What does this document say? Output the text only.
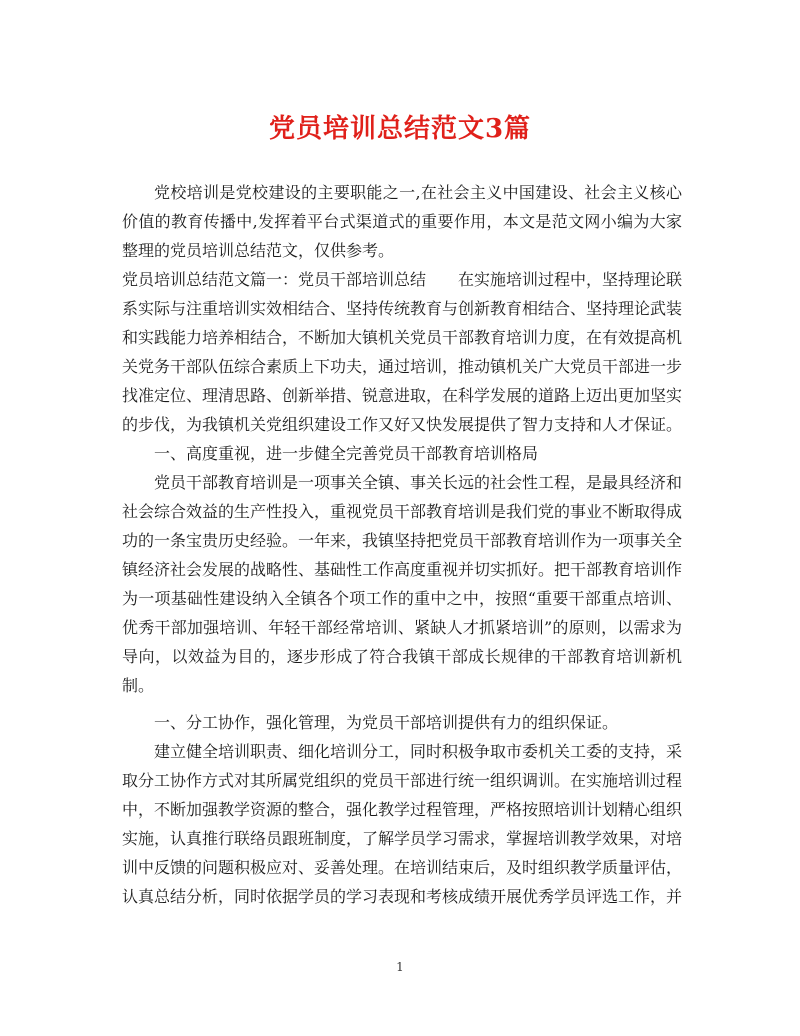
党员培训总结范文3篇

党校培训是党校建设的主要职能之一,在社会主义中国建设、社会主义核心价值的教育传播中,发挥着平台式渠道式的重要作用，本文是范文网小编为大家整理的党员培训总结范文，仅供参考。

党员培训总结范文篇一：党员干部培训总结　　在实施培训过程中，坚持理论联系实际与注重培训实效相结合、坚持传统教育与创新教育相结合、坚持理论武装和实践能力培养相结合，不断加大镇机关党员干部教育培训力度，在有效提高机关党务干部队伍综合素质上下功夫，通过培训，推动镇机关广大党员干部进一步找准定位、理清思路、创新举措、锐意进取，在科学发展的道路上迈出更加坚实的步伐，为我镇机关党组织建设工作又好又快发展提供了智力支持和人才保证。

一、高度重视，进一步健全完善党员干部教育培训格局

党员干部教育培训是一项事关全镇、事关长远的社会性工程，是最具经济和社会综合效益的生产性投入，重视党员干部教育培训是我们党的事业不断取得成功的一条宝贵历史经验。一年来，我镇坚持把党员干部教育培训作为一项事关全镇经济社会发展的战略性、基础性工作高度重视并切实抓好。把干部教育培训作为一项基础性建设纳入全镇各个项工作的重中之中，按照“重要干部重点培训、优秀干部加强培训、年轻干部经常培训、紧缺人才抓紧培训”的原则，以需求为导向，以效益为目的，逐步形成了符合我镇干部成长规律的干部教育培训新机制。

一、分工协作，强化管理，为党员干部培训提供有力的组织保证。

建立健全培训职责、细化培训分工，同时积极争取市委机关工委的支持，采取分工协作方式对其所属党组织的党员干部进行统一组织调训。在实施培训过程中，不断加强教学资源的整合，强化教学过程管理，严格按照培训计划精心组织实施，认真推行联络员跟班制度，了解学员学习需求，掌握培训教学效果，对培训中反馈的问题积极应对、妥善处理。在培训结束后，及时组织教学质量评估，认真总结分析，同时依据学员的学习表现和考核成绩开展优秀学员评选工作，并

1
